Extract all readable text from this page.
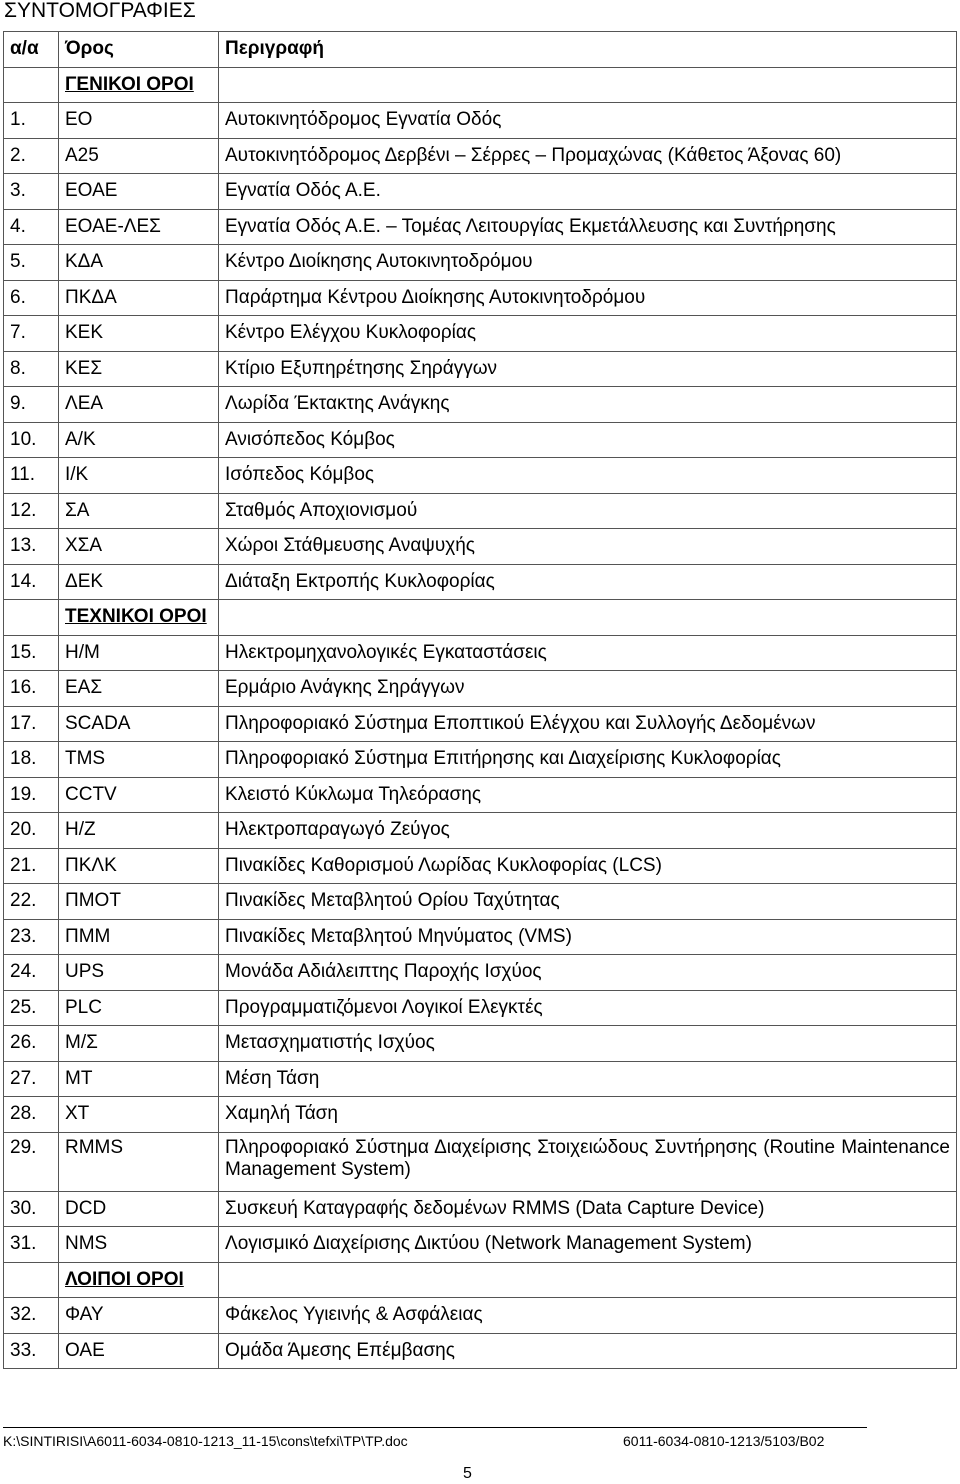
ΣΥΝΤΟΜΟΓΡΑΦΙΕΣ
α/α	Όρος	Περιγραφή
	ΓΕΝΙΚΟΙ ΟΡΟΙ	
1.	ΕΟ	Αυτοκινητόδρομος Εγνατία Οδός
2.	Α25	Αυτοκινητόδρομος Δερβένι – Σέρρες – Προμαχώνας (Κάθετος Άξονας 60)
3.	ΕΟΑΕ	Εγνατία Οδός Α.Ε.
4.	ΕΟΑΕ-ΛΕΣ	Εγνατία Οδός Α.Ε. – Τομέας Λειτουργίας Εκμετάλλευσης και Συντήρησης
5.	ΚΔΑ	Κέντρο Διοίκησης Αυτοκινητοδρόμου
6.	ΠΚΔΑ	Παράρτημα Κέντρου Διοίκησης Αυτοκινητοδρόμου
7.	ΚΕΚ	Κέντρο Ελέγχου Κυκλοφορίας
8.	ΚΕΣ	Κτίριο Εξυπηρέτησης Σηράγγων
9.	ΛΕΑ	Λωρίδα Έκτακτης Ανάγκης
10.	Α/Κ	Ανισόπεδος Κόμβος
11.	Ι/Κ	Ισόπεδος Κόμβος
12.	ΣΑ	Σταθμός Αποχιονισμού
13.	ΧΣΑ	Χώροι Στάθμευσης Αναψυχής
14.	ΔΕΚ	Διάταξη Εκτροπής Κυκλοφορίας
	ΤΕΧΝΙΚΟΙ ΟΡΟΙ	
15.	Η/Μ	Ηλεκτρομηχανολογικές Εγκαταστάσεις
16.	ΕΑΣ	Ερμάριο Ανάγκης Σηράγγων
17.	SCADA	Πληροφοριακό Σύστημα Εποπτικού Ελέγχου και Συλλογής Δεδομένων
18.	TMS	Πληροφοριακό Σύστημα Επιτήρησης και Διαχείρισης Κυκλοφορίας
19.	CCTV	Κλειστό Κύκλωμα Τηλεόρασης
20.	Η/Ζ	Ηλεκτροπαραγωγό Ζεύγος
21.	ΠΚΛΚ	Πινακίδες Καθορισμού Λωρίδας Κυκλοφορίας (LCS)
22.	ΠΜΟΤ	Πινακίδες Μεταβλητού Ορίου Ταχύτητας
23.	ΠΜΜ	Πινακίδες Μεταβλητού Μηνύματος (VMS)
24.	UPS	Μονάδα Αδιάλειπτης Παροχής Ισχύος
25.	PLC	Προγραμματιζόμενοι Λογικοί Ελεγκτές
26.	Μ/Σ	Μετασχηματιστής Ισχύος
27.	ΜΤ	Μέση Τάση
28.	ΧΤ	Χαμηλή Τάση
29.	RMMS	Πληροφοριακό Σύστημα Διαχείρισης Στοιχειώδους Συντήρησης (Routine Maintenance Management System)
30.	DCD	Συσκευή Καταγραφής δεδομένων RMMS (Data Capture Device)
31.	NMS	Λογισμικό Διαχείρισης Δικτύου (Network Management System)
	ΛΟΙΠΟΙ ΟΡΟΙ	
32.	ΦΑΥ	Φάκελος Υγιεινής & Ασφάλειας
33.	ΟΑΕ	Ομάδα Άμεσης Επέμβασης
K:\SINTIRISI\A6011-6034-0810-1213_11-15\cons\tefxi\TP\TP.doc	6011-6034-0810-1213/5103/B02
5
